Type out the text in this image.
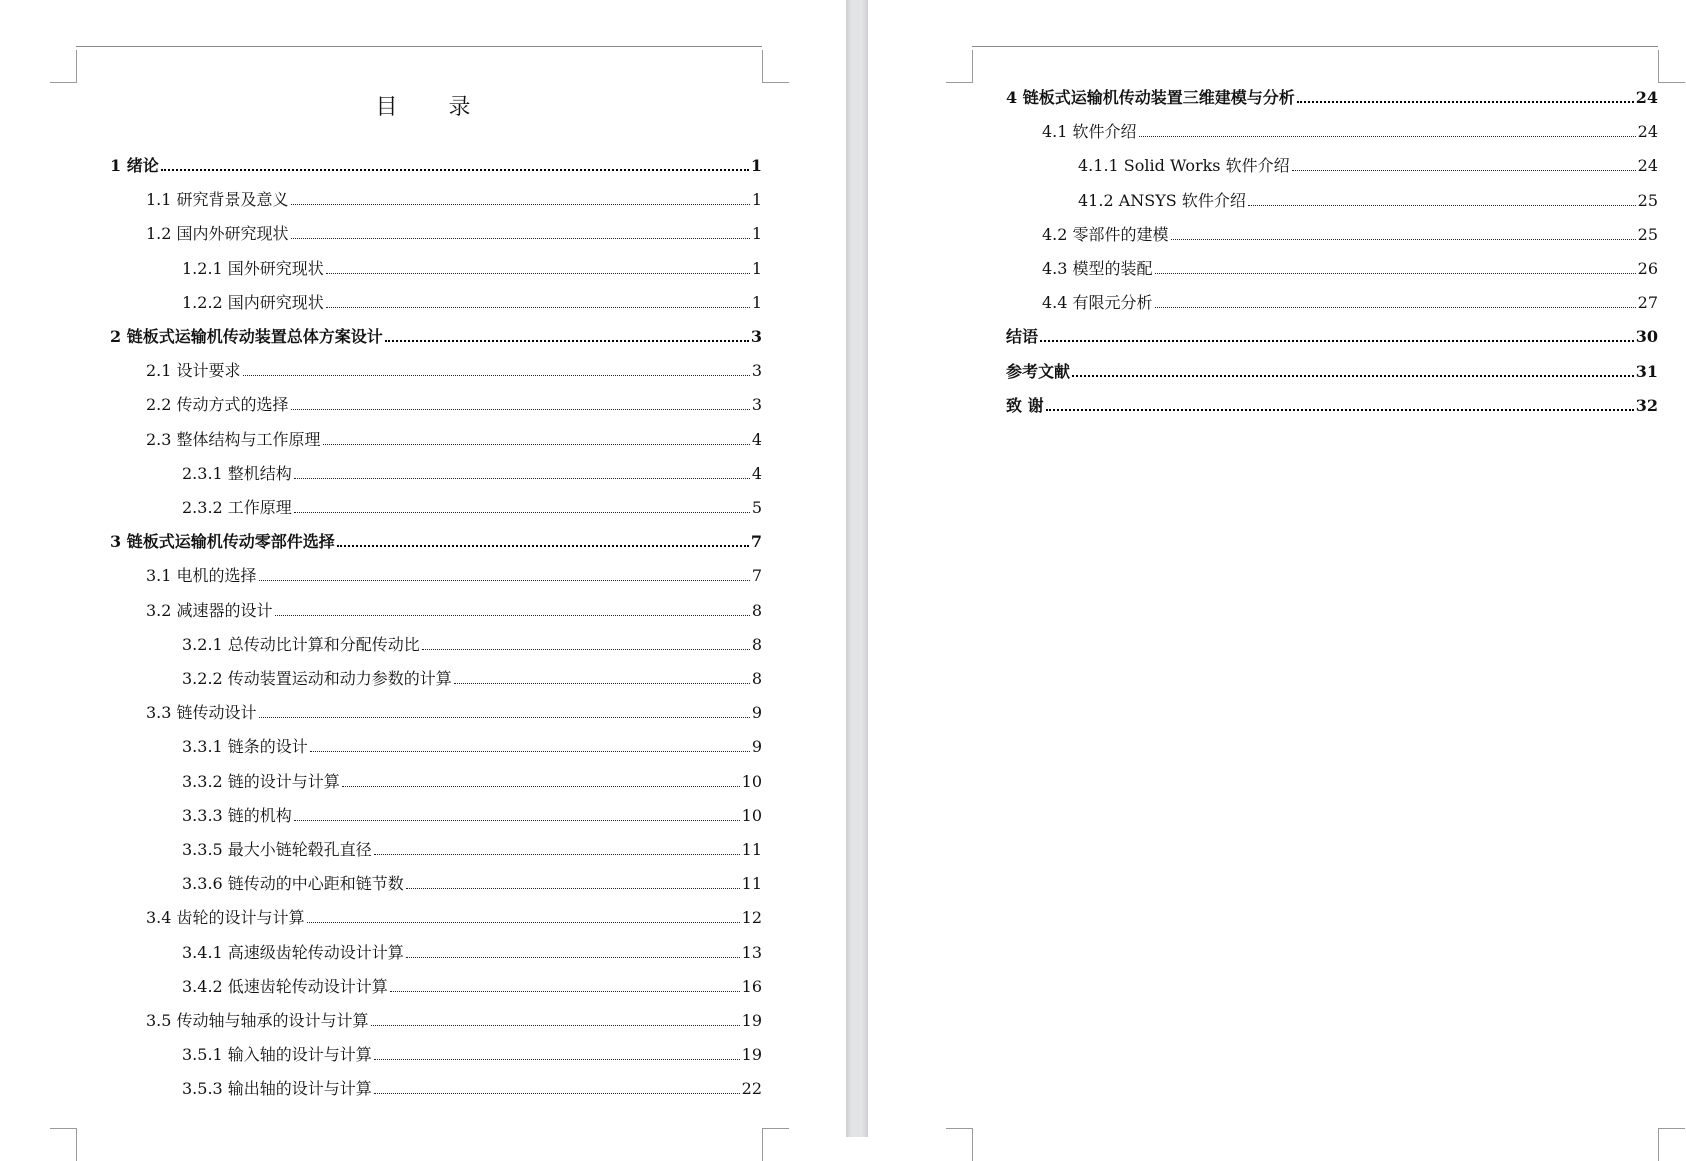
目 录
1 绪论	1
1.1 研究背景及意义	1
1.2 国内外研究现状	1
1.2.1 国外研究现状	1
1.2.2 国内研究现状	1
2 链板式运输机传动装置总体方案设计	3
2.1 设计要求	3
2.2 传动方式的选择	3
2.3 整体结构与工作原理	4
2.3.1 整机结构	4
2.3.2 工作原理	5
3 链板式运输机传动零部件选择	7
3.1 电机的选择	7
3.2 减速器的设计	8
3.2.1 总传动比计算和分配传动比	8
3.2.2 传动装置运动和动力参数的计算	8
3.3 链传动设计	9
3.3.1 链条的设计	9
3.3.2 链的设计与计算	10
3.3.3 链的机构	10
3.3.5 最大小链轮毂孔直径	11
3.3.6 链传动的中心距和链节数	11
3.4 齿轮的设计与计算	12
3.4.1 高速级齿轮传动设计计算	13
3.4.2 低速齿轮传动设计计算	16
3.5 传动轴与轴承的设计与计算	19
3.5.1 输入轴的设计与计算	19
3.5.3 输出轴的设计与计算	22
4 链板式运输机传动装置三维建模与分析	24
4.1 软件介绍	24
4.1.1 Solid Works 软件介绍	24
41.2 ANSYS 软件介绍	25
4.2 零部件的建模	25
4.3 模型的装配	26
4.4 有限元分析	27
结语	30
参考文献	31
致 谢	32
